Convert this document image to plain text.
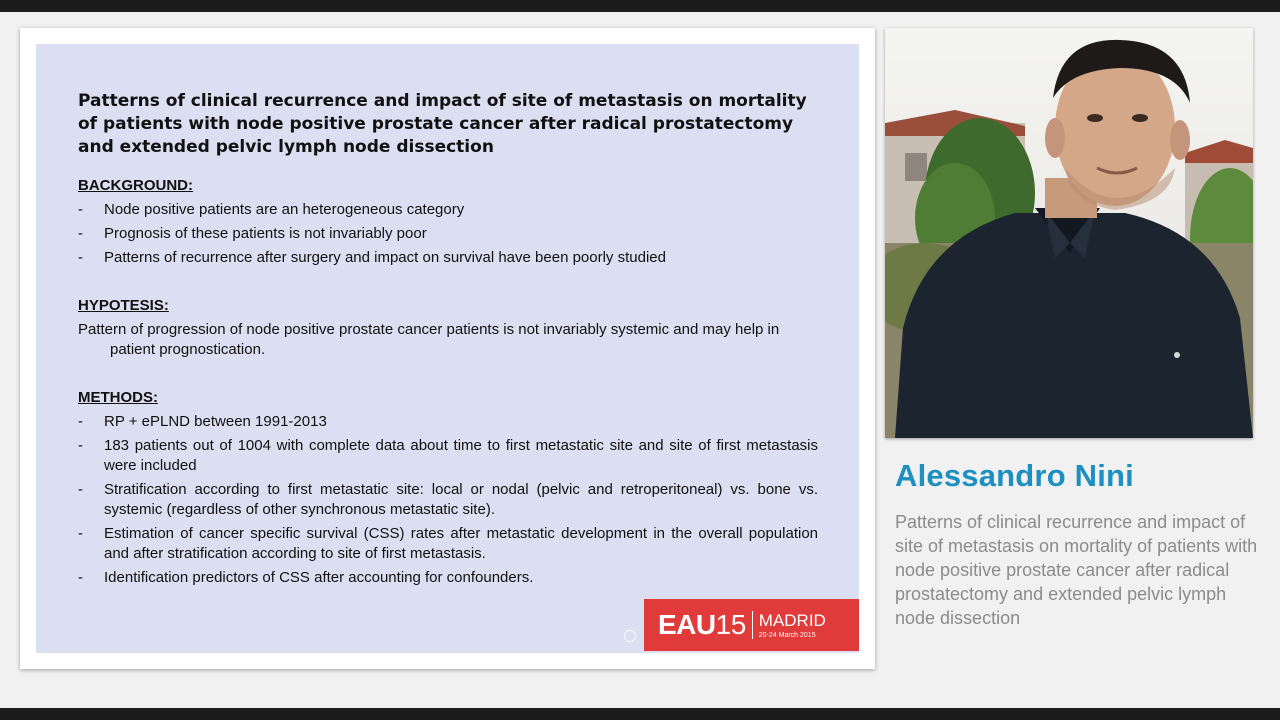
Patterns of clinical recurrence and impact of site of metastasis on mortality of patients with node positive prostate cancer after radical prostatectomy and extended pelvic lymph node dissection
BACKGROUND:
- Node positive patients are an heterogeneous category
- Prognosis of these patients is not invariably poor
- Patterns of recurrence after surgery and impact on survival have been poorly studied
HYPOTESIS:

Pattern of progression of node positive prostate cancer patients is not invariably systemic and may help in patient prognostication.

METHODS:
- RP + ePLND between 1991-2013
- 183 patients out of 1004 with complete data about time to first metastatic site and site of first metastasis were included
- Stratification according to first metastatic site: local or nodal (pelvic and retroperitoneal) vs. bone vs. systemic (regardless of other synchronous metastatic site).
- Estimation of cancer specific survival (CSS) rates after metastatic development in the overall population and after stratification according to site of first metastasis.
- Identification predictors of CSS after accounting for confounders.
EAU15 MADRID
20-24 March 2015
Alessandro Nini

Patterns of clinical recurrence and impact of site of metastasis on mortality of patients with node positive prostate cancer after radical prostatectomy and extended pelvic lymph node dissection
